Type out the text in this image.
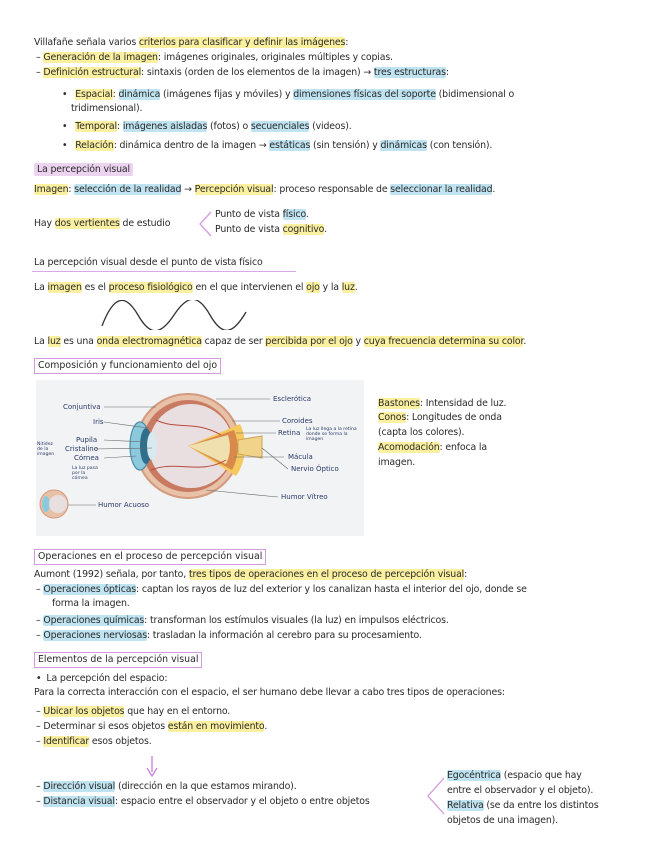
Villafañe señala varios criterios para clasificar y definir las imágenes:
– Generación de la imagen: imágenes originales, originales múltiples y copias.
– Definición estructural: sintaxis (orden de los elementos de la imagen) → tres estructuras:
• Espacial: dinámica (imágenes fijas y móviles) y dimensiones físicas del soporte (bidimensional o
tridimensional).
• Temporal: imágenes aisladas (fotos) o secuenciales (videos).
• Relación: dinámica dentro de la imagen → estáticas (sin tensión) y dinámicas (con tensión).
La percepción visual
Imagen: selección de la realidad → Percepción visual: proceso responsable de seleccionar la realidad.
Hay dos vertientes de estudio
Punto de vista físico.
Punto de vista cognitivo.
La percepción visual desde el punto de vista físico
La imagen es el proceso fisiológico en el que intervienen el ojo y la luz.
La luz es una onda electromagnética capaz de ser percibida por el ojo y cuya frecuencia determina su color.
Composición y funcionamiento del ojo
Conjuntiva
Iris
Pupila
Cristalino
Córnea
Nitidez de la imagen
La luz pasa por la córnea
Humor Acuoso
Esclerótica
Coroides
Retina La luz llega a la retina donde se forma la imagen
Mácula
Nervio Óptico
Humor Vítreo
Bastones: Intensidad de luz.
Conos: Longitudes de onda
(capta los colores).
Acomodación: enfoca la
imagen.
Operaciones en el proceso de percepción visual
Aumont (1992) señala, por tanto, tres tipos de operaciones en el proceso de percepción visual:
– Operaciones ópticas: captan los rayos de luz del exterior y los canalizan hasta el interior del ojo, donde se
forma la imagen.
– Operaciones químicas: transforman los estímulos visuales (la luz) en impulsos eléctricos.
– Operaciones nerviosas: trasladan la información al cerebro para su procesamiento.
Elementos de la percepción visual
• La percepción del espacio:
Para la correcta interacción con el espacio, el ser humano debe llevar a cabo tres tipos de operaciones:
– Ubicar los objetos que hay en el entorno.
– Determinar si esos objetos están en movimiento.
– Identificar esos objetos.
– Dirección visual (dirección en la que estamos mirando).
– Distancia visual: espacio entre el observador y el objeto o entre objetos
Egocéntrica (espacio que hay
entre el observador y el objeto).
Relativa (se da entre los distintos
objetos de una imagen).
